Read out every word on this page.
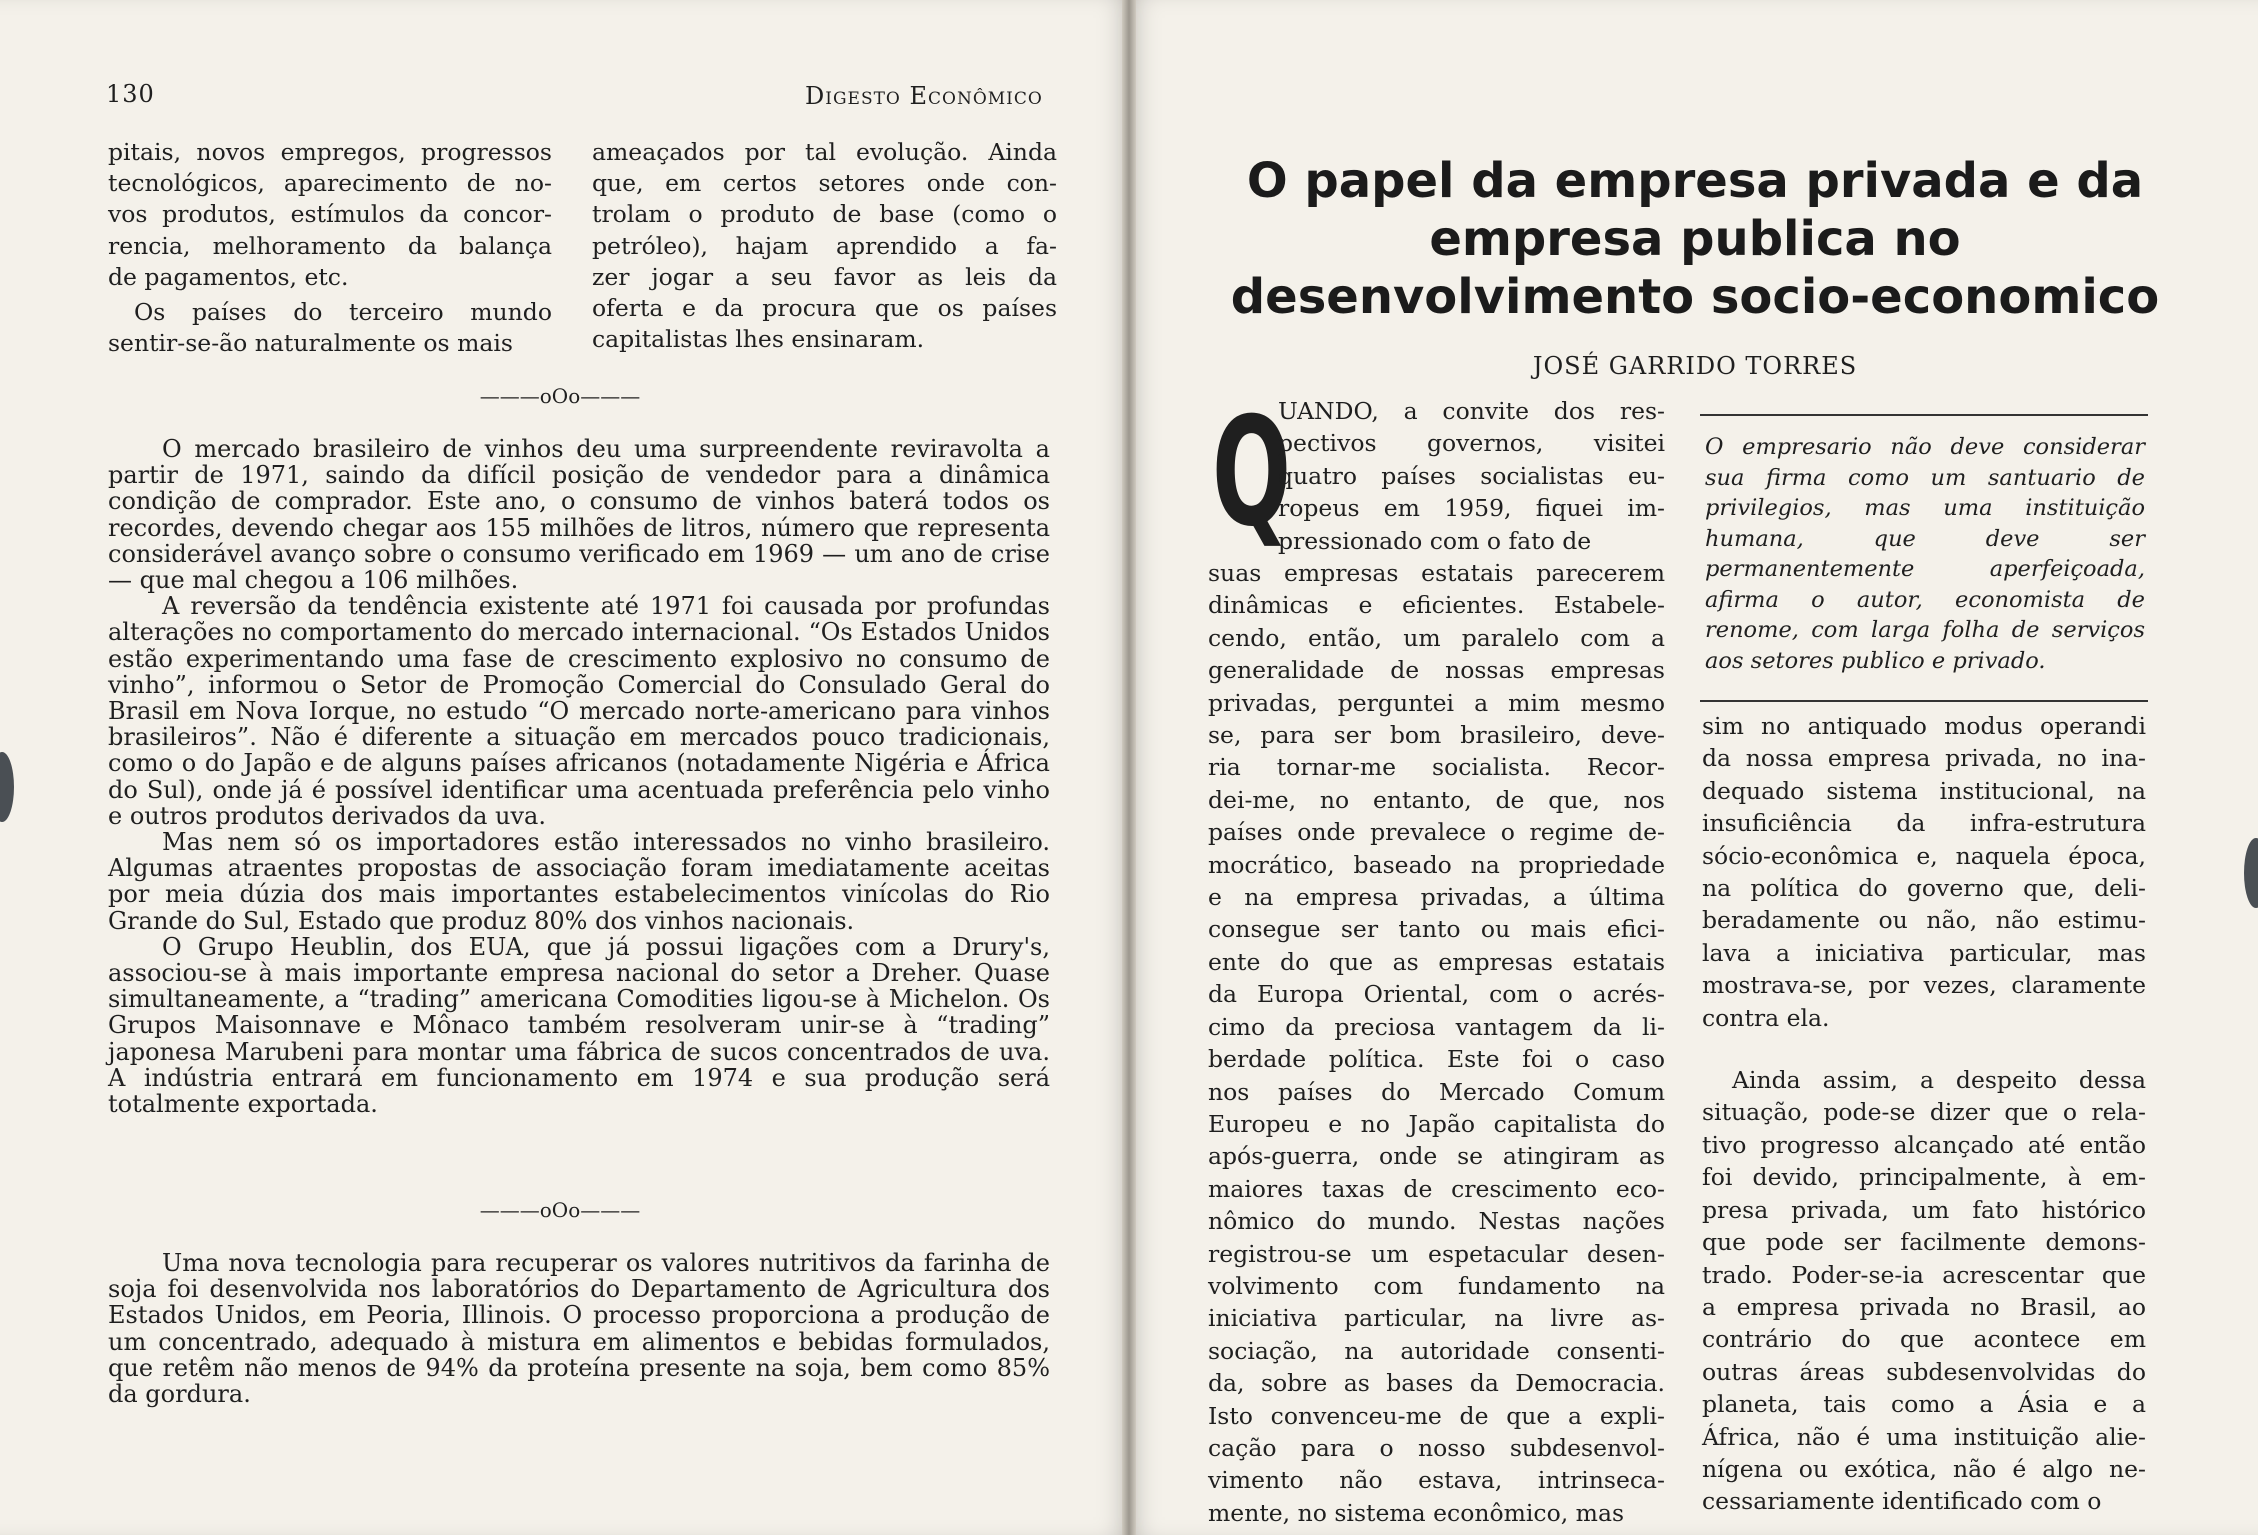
130	Digesto Econômico
pitais, novos empregos, progressos
tecnológicos, aparecimento de no-
vos produtos, estímulos da concor-
rencia, melhoramento da balança
de pagamentos, etc.
Os países do terceiro mundo
sentir-se-ão naturalmente os mais
ameaçados por tal evolução. Ainda
que, em certos setores onde con-
trolam o produto de base (como o
petróleo), hajam aprendido a fa-
zer jogar a seu favor as leis da
oferta e da procura que os países
capitalistas lhes ensinaram.
———oOo———

O mercado brasileiro de vinhos deu uma surpreendente reviravolta a partir de 1971, saindo da difícil posição de vendedor para a dinâmica condição de comprador. Este ano, o consumo de vinhos baterá todos os recordes, devendo chegar aos 155 milhões de litros, número que representa considerável avanço sobre o consumo verificado em 1969 — um ano de crise — que mal chegou a 106 milhões.

A reversão da tendência existente até 1971 foi causada por profundas alterações no comportamento do mercado internacional. “Os Estados Unidos estão experimentando uma fase de crescimento explosivo no consumo de vinho”, informou o Setor de Promoção Comercial do Consulado Geral do Brasil em Nova Iorque, no estudo “O mercado norte-americano para vinhos brasileiros”. Não é diferente a situação em mercados pouco tradicionais, como o do Japão e de alguns países africanos (notadamente Nigéria e África do Sul), onde já é possível identificar uma acentuada preferência pelo vinho e outros produtos derivados da uva.

Mas nem só os importadores estão interessados no vinho brasileiro. Algumas atraentes propostas de associação foram imediatamente aceitas por meia dúzia dos mais importantes estabelecimentos vinícolas do Rio Grande do Sul, Estado que produz 80% dos vinhos nacionais.

O Grupo Heublin, dos EUA, que já possui ligações com a Drury's, associou-se à mais importante empresa nacional do setor a Dreher. Quase simultaneamente, a “trading” americana Comodities ligou-se à Michelon. Os Grupos Maisonnave e Mônaco também resolveram unir-se à “trading” japonesa Marubeni para montar uma fábrica de sucos concentrados de uva. A indústria entrará em funcionamento em 1974 e sua produção será totalmente exportada.

———oOo———

Uma nova tecnologia para recuperar os valores nutritivos da farinha de soja foi desenvolvida nos laboratórios do Departamento de Agricultura dos Estados Unidos, em Peoria, Illinois. O processo proporciona a produção de um concentrado, adequado à mistura em alimentos e bebidas formulados, que retêm não menos de 94% da proteína presente na soja, bem como 85% da gordura.

O papel da empresa privada e da empresa publica no desenvolvimento socio-economico
JOSÉ GARRIDO TORRES
Q
UANDO, a convite dos res-
pectivos governos, visitei
quatro países socialistas eu-
ropeus em 1959, fiquei im-
pressionado com o fato de
suas empresas estatais parecerem
dinâmicas e eficientes. Estabele-
cendo, então, um paralelo com a
generalidade de nossas empresas
privadas, perguntei a mim mesmo
se, para ser bom brasileiro, deve-
ria tornar-me socialista. Recor-
dei-me, no entanto, de que, nos
países onde prevalece o regime de-
mocrático, baseado na propriedade
e na empresa privadas, a última
consegue ser tanto ou mais efici-
ente do que as empresas estatais
da Europa Oriental, com o acrés-
cimo da preciosa vantagem da li-
berdade política. Este foi o caso
nos países do Mercado Comum
Europeu e no Japão capitalista do
após-guerra, onde se atingiram as
maiores taxas de crescimento eco-
nômico do mundo. Nestas nações
registrou-se um espetacular desen-
volvimento com fundamento na
iniciativa particular, na livre as-
sociação, na autoridade consenti-
da, sobre as bases da Democracia.
Isto convenceu-me de que a expli-
cação para o nosso subdesenvol-
vimento não estava, intrinseca-
mente, no sistema econômico, mas
O empresario não deve considerar sua firma como um santuario de privilegios, mas uma instituição humana, que deve ser permanentemente aperfeiçoada, afirma o autor, economista de renome, com larga folha de serviços aos setores publico e privado.
sim no antiquado modus operandi
da nossa empresa privada, no ina-
dequado sistema institucional, na
insuficiência da infra-estrutura
sócio-econômica e, naquela época,
na política do governo que, deli-
beradamente ou não, não estimu-
lava a iniciativa particular, mas
mostrava-se, por vezes, claramente
contra ela.
Ainda assim, a despeito dessa
situação, pode-se dizer que o rela-
tivo progresso alcançado até então
foi devido, principalmente, à em-
presa privada, um fato histórico
que pode ser facilmente demons-
trado. Poder-se-ia acrescentar que
a empresa privada no Brasil, ao
contrário do que acontece em
outras áreas subdesenvolvidas do
planeta, tais como a Ásia e a
África, não é uma instituição alie-
nígena ou exótica, não é algo ne-
cessariamente identificado com o
